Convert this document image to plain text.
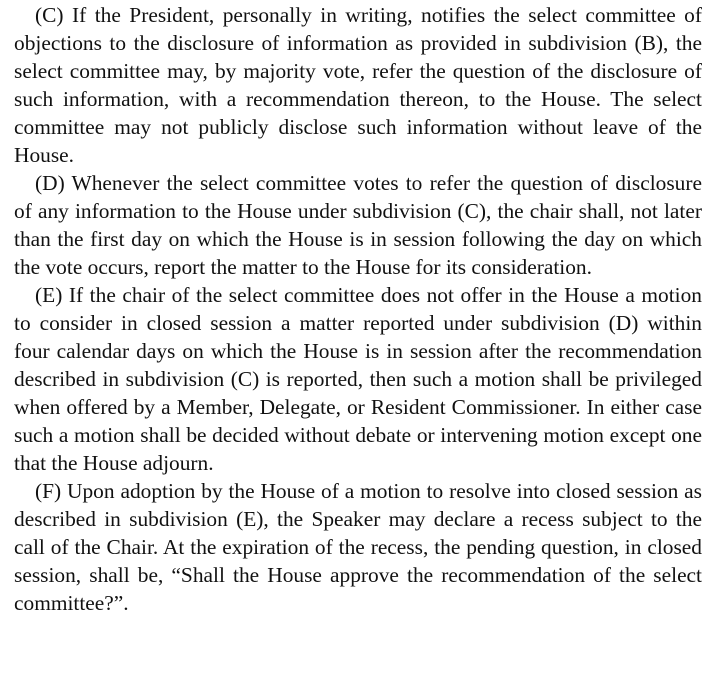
(C) If the President, personally in writing, notifies the select committee of objections to the disclosure of information as provided in subdivision (B), the select committee may, by majority vote, refer the question of the disclosure of such information, with a recommendation thereon, to the House. The select committee may not publicly disclose such information without leave of the House.

(D) Whenever the select committee votes to refer the question of disclosure of any information to the House under subdivision (C), the chair shall, not later than the first day on which the House is in session following the day on which the vote occurs, report the matter to the House for its consideration.

(E) If the chair of the select committee does not offer in the House a motion to consider in closed session a matter reported under subdivision (D) within four calendar days on which the House is in session after the recommendation described in subdivision (C) is reported, then such a motion shall be privileged when offered by a Member, Delegate, or Resident Commissioner. In either case such a motion shall be decided without debate or intervening motion except one that the House adjourn.

(F) Upon adoption by the House of a motion to resolve into closed session as described in subdivision (E), the Speaker may declare a recess subject to the call of the Chair. At the expiration of the recess, the pending question, in closed session, shall be, “Shall the House approve the recommendation of the select committee?”.
